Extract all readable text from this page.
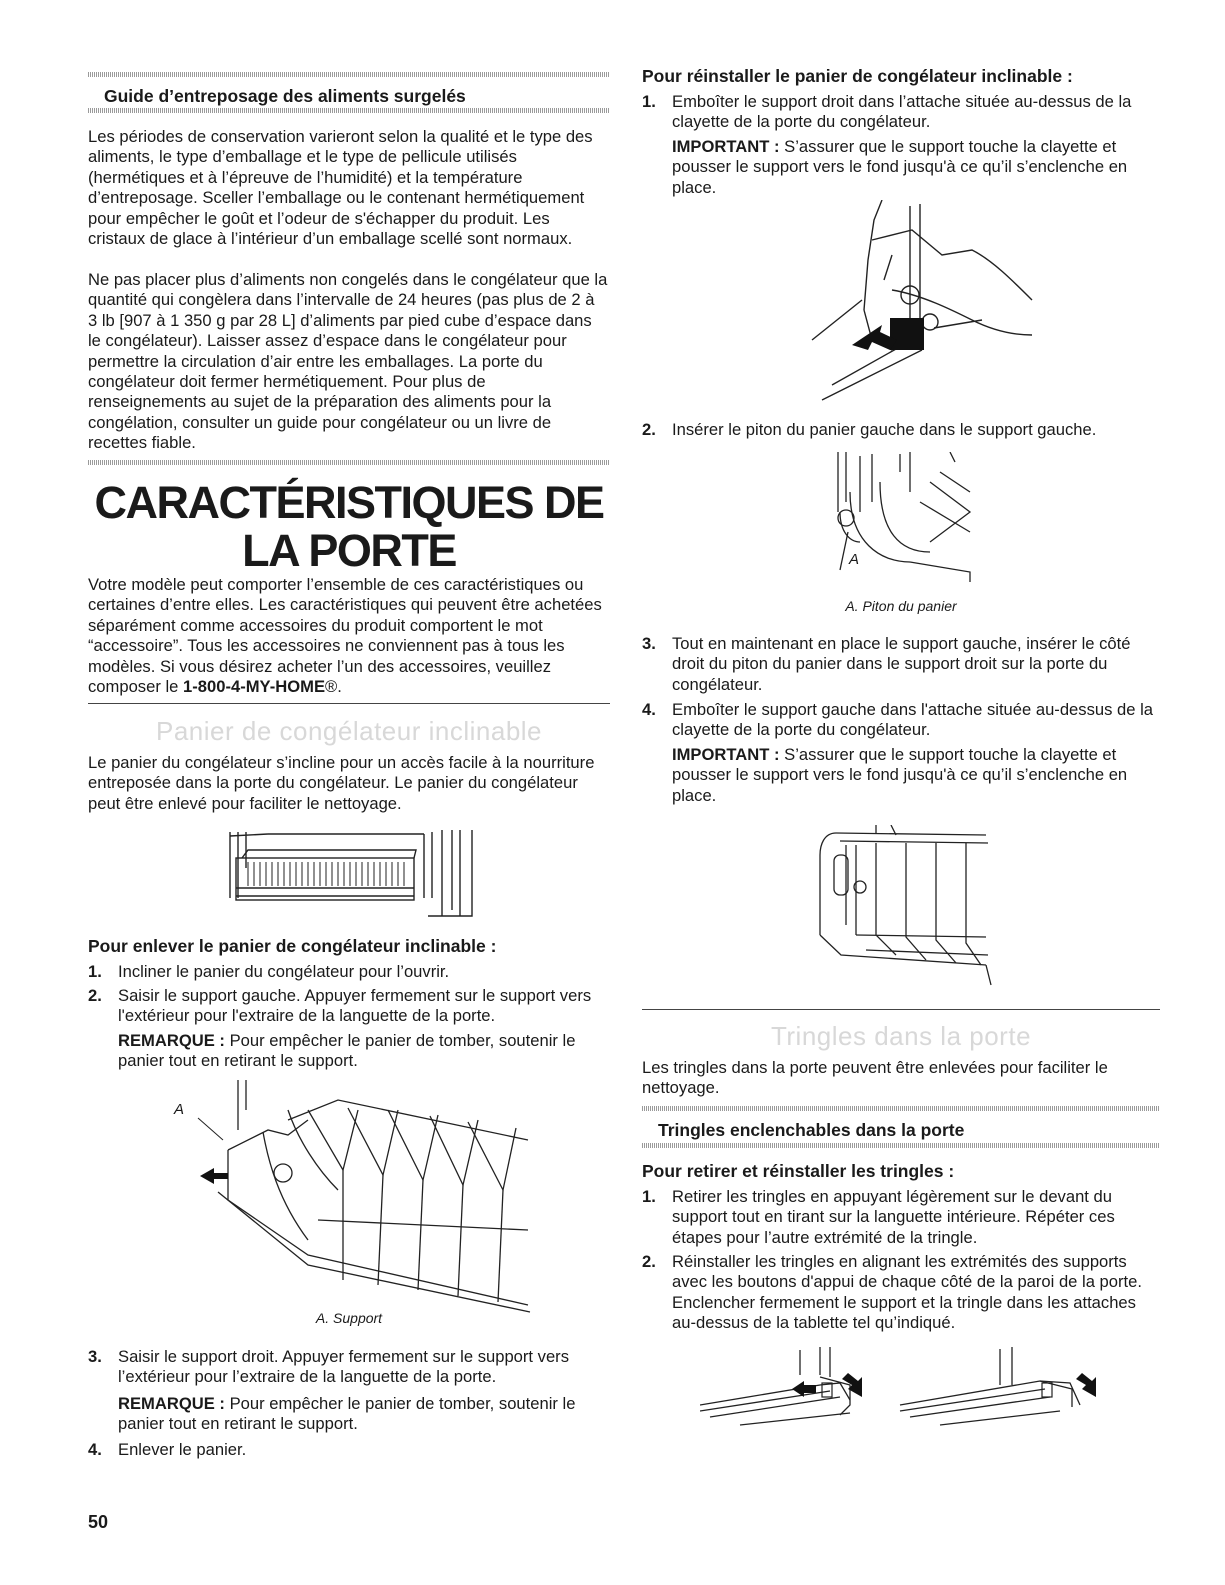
Guide d’entreposage des aliments surgelés

Les périodes de conservation varieront selon la qualité et le type des aliments, le type d’emballage et le type de pellicule utilisés (hermétiques et à l’épreuve de l’humidité) et la température d’entreposage. Sceller l’emballage ou le contenant hermétiquement pour empêcher le goût et l’odeur de s'échapper du produit. Les cristaux de glace à l’intérieur d’un emballage scellé sont normaux.

Ne pas placer plus d’aliments non congelés dans le congélateur que la quantité qui congèlera dans l’intervalle de 24 heures (pas plus de 2 à 3 lb [907 à 1 350 g par 28 L] d’aliments par pied cube d’espace dans le congélateur). Laisser assez d’espace dans le congélateur pour permettre la circulation d’air entre les emballages. La porte du congélateur doit fermer hermétiquement. Pour plus de renseignements au sujet de la préparation des aliments pour la congélation, consulter un guide pour congélateur ou un livre de recettes fiable.

CARACTÉRISTIQUES DE
LA PORTE

Votre modèle peut comporter l’ensemble de ces caractéristiques ou certaines d’entre elles. Les caractéristiques qui peuvent être achetées séparément comme accessoires du produit comportent le mot “accessoire”. Tous les accessoires ne conviennent pas à tous les modèles. Si vous désirez acheter l’un des accessoires, veuillez composer le 1-800-4-MY-HOME®.

Panier de congélateur inclinable

Le panier du congélateur s’incline pour un accès facile à la nourriture entreposée dans la porte du congélateur. Le panier du congélateur peut être enlevé pour faciliter le nettoyage.

Pour enlever le panier de congélateur inclinable :
1. Incliner le panier du congélateur pour l’ouvrir.
2. Saisir le support gauche. Appuyer fermement sur le support vers l'extérieur pour l'extraire de la languette de la porte.

REMARQUE : Pour empêcher le panier de tomber, soutenir le panier tout en retirant le support.

A
A. Support
3. Saisir le support droit. Appuyer fermement sur le support vers l’extérieur pour l’extraire de la languette de la porte.

REMARQUE : Pour empêcher le panier de tomber, soutenir le panier tout en retirant le support.

4. Enlever le panier.
50
Pour réinstaller le panier de congélateur inclinable :
1. Emboîter le support droit dans l’attache située au-dessus de la clayette de la porte du congélateur.

IMPORTANT : S’assurer que le support touche la clayette et pousser le support vers le fond jusqu'à ce qu’il s’enclenche en place.

2. Insérer le piton du panier gauche dans le support gauche.
A
A. Piton du panier
3. Tout en maintenant en place le support gauche, insérer le côté droit du piton du panier dans le support droit sur la porte du congélateur.
4. Emboîter le support gauche dans l'attache située au-dessus de la clayette de la porte du congélateur.

IMPORTANT : S’assurer que le support touche la clayette et pousser le support vers le fond jusqu'à ce qu’il s’enclenche en place.

Tringles dans la porte

Les tringles dans la porte peuvent être enlevées pour faciliter le nettoyage.

Tringles enclenchables dans la porte
Pour retirer et réinstaller les tringles :
1. Retirer les tringles en appuyant légèrement sur le devant du support tout en tirant sur la languette intérieure. Répéter ces étapes pour l’autre extrémité de la tringle.
2. Réinstaller les tringles en alignant les extrémités des supports avec les boutons d'appui de chaque côté de la paroi de la porte. Enclencher fermement le support et la tringle dans les attaches au-dessus de la tablette tel qu’indiqué.
